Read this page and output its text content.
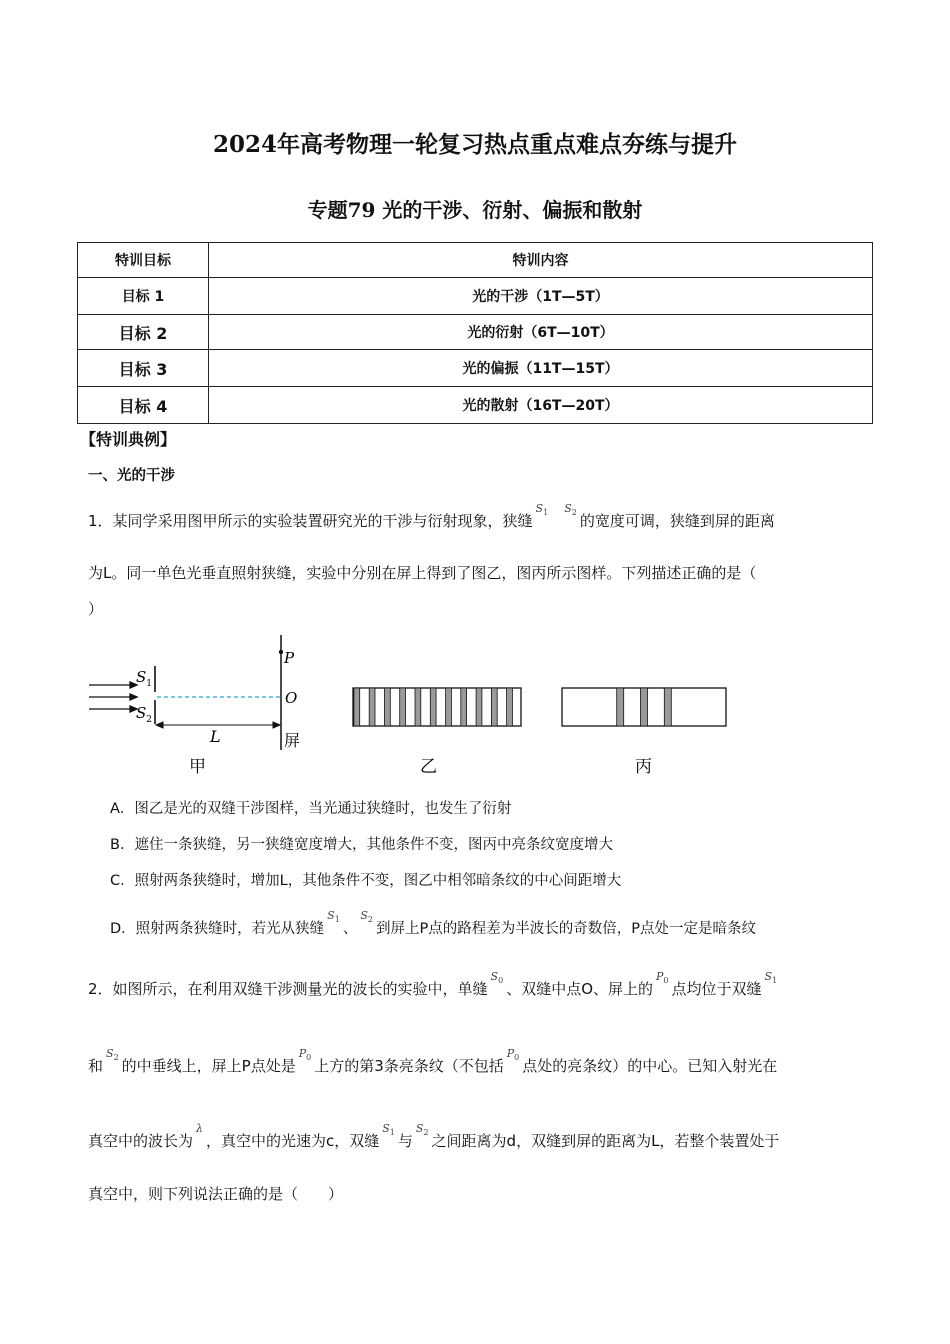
2024年高考物理一轮复习热点重点难点夯练与提升
专题79 光的干涉、衍射、偏振和散射
特训目标	特训内容
目标 1	光的干涉（1T—5T）
目标 2	光的衍射（6T—10T）
目标 3	光的偏振（11T—15T）
目标 4	光的散射（16T—20T）
【特训典例】
一、光的干涉
1．某同学采用图甲所示的实验装置研究光的干涉与衍射现象，狭缝$^{S_1}$ $^{S_2}$ 的宽度可调，狭缝到屏的距离
为L。同一单色光垂直照射狭缝，实验中分别在屏上得到了图乙，图丙所示图样。下列描述正确的是（
）
$S_1$
$S_2$
P
O
屏
L
甲	乙	丙
A．图乙是光的双缝干涉图样，当光通过狭缝时，也发生了衍射
B．遮住一条狭缝，另一狭缝宽度增大，其他条件不变，图丙中亮条纹宽度增大
C．照射两条狭缝时，增加L，其他条件不变，图乙中相邻暗条纹的中心间距增大
D．照射两条狭缝时，若光从狭缝$^{S_1}$、$^{S_2}$到屏上P点的路程差为半波长的奇数倍，P点处一定是暗条纹
2．如图所示，在利用双缝干涉测量光的波长的实验中，单缝$^{S_0}$ 、双缝中点O、屏上的$^{P_0}$ 点均位于双缝$^{S_1}$
和$^{S_2}$ 的中垂线上，屏上P点处是$^{P_0}$ 上方的第3条亮条纹（不包括$^{P_0}$ 点处的亮条纹）的中心。已知入射光在
真空中的波长为$^\lambda$，真空中的光速为c，双缝$^{S_1}$ 与$^{S_2}$ 之间距离为d，双缝到屏的距离为L，若整个装置处于
真空中，则下列说法正确的是（　　）
